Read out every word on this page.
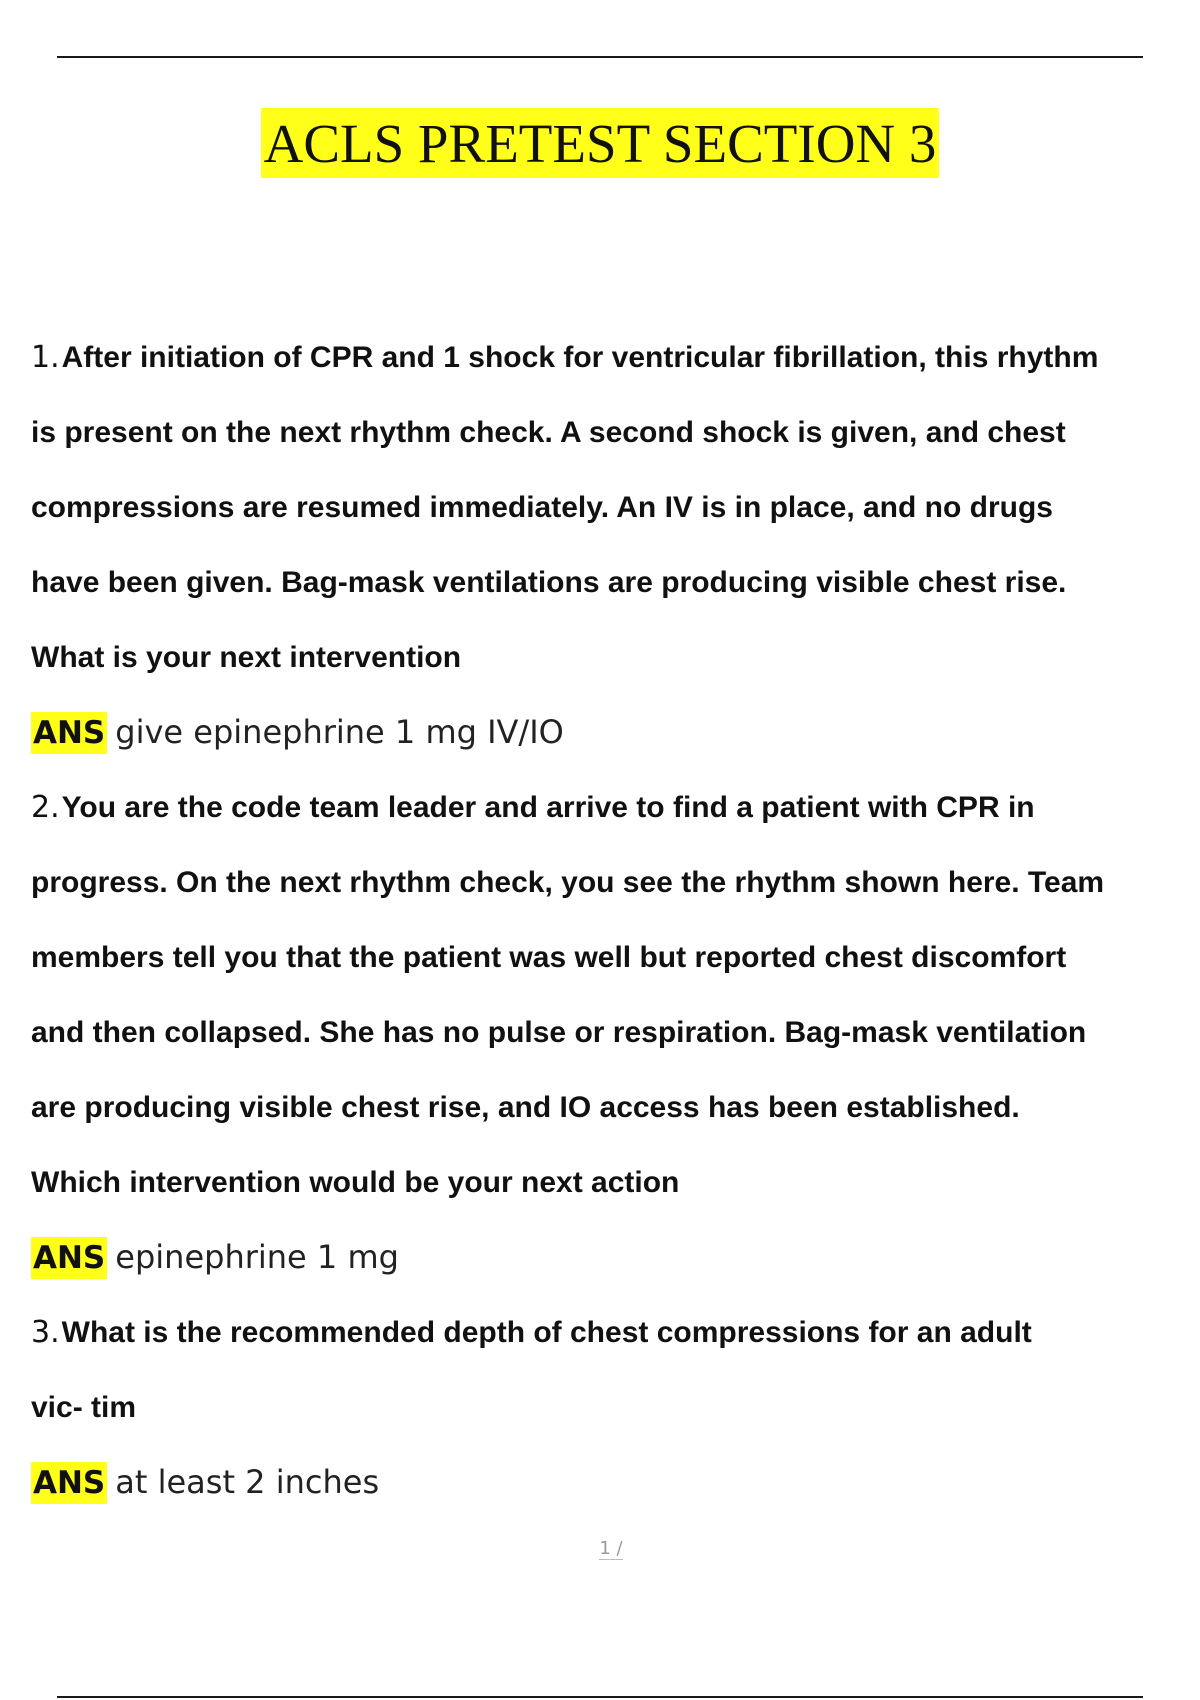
ACLS PRETEST SECTION 3
1.After initiation of CPR and 1 shock for ventricular fibrillation, this rhythm
is present on the next rhythm check. A second shock is given, and chest
compressions are resumed immediately. An IV is in place, and no drugs
have been given. Bag-mask ventilations are producing visible chest rise.
What is your next intervention
ANS give epinephrine 1 mg IV/IO
2.You are the code team leader and arrive to find a patient with CPR in
progress. On the next rhythm check, you see the rhythm shown here. Team
members tell you that the patient was well but reported chest discomfort
and then collapsed. She has no pulse or respiration. Bag-mask ventilation
are producing visible chest rise, and IO access has been established.
Which intervention would be your next action
ANS epinephrine 1 mg
3.What is the recommended depth of chest compressions for an adult
vic- tim
ANS at least 2 inches
1 /
